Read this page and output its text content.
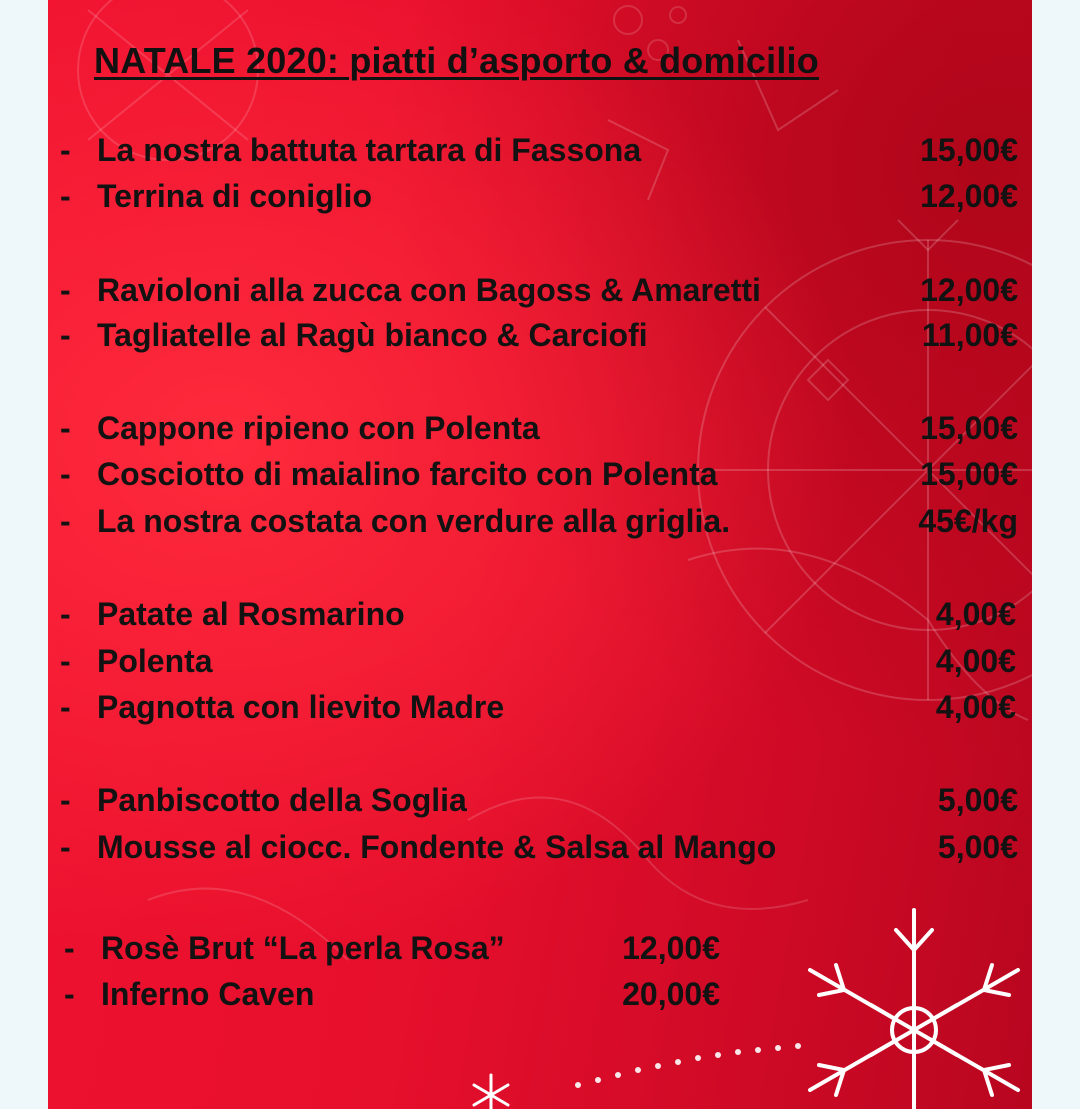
NATALE 2020: piatti d’asporto & domicilio
- La nostra battuta tartara di Fassona	15,00€
- Terrina di coniglio	12,00€
- Ravioloni alla zucca con Bagoss & Amaretti	12,00€
- Tagliatelle al Ragù bianco & Carciofi	11,00€
- Cappone ripieno con Polenta	15,00€
- Cosciotto di maialino farcito con Polenta	15,00€
- La nostra costata con verdure alla griglia.	45€/kg
- Patate al Rosmarino	4,00€
- Polenta	4,00€
- Pagnotta con lievito Madre	4,00€
- Panbiscotto della Soglia	5,00€
- Mousse al ciocc. Fondente & Salsa al Mango	5,00€
- Rosè Brut “La perla Rosa”	12,00€
- Inferno Caven	20,00€
